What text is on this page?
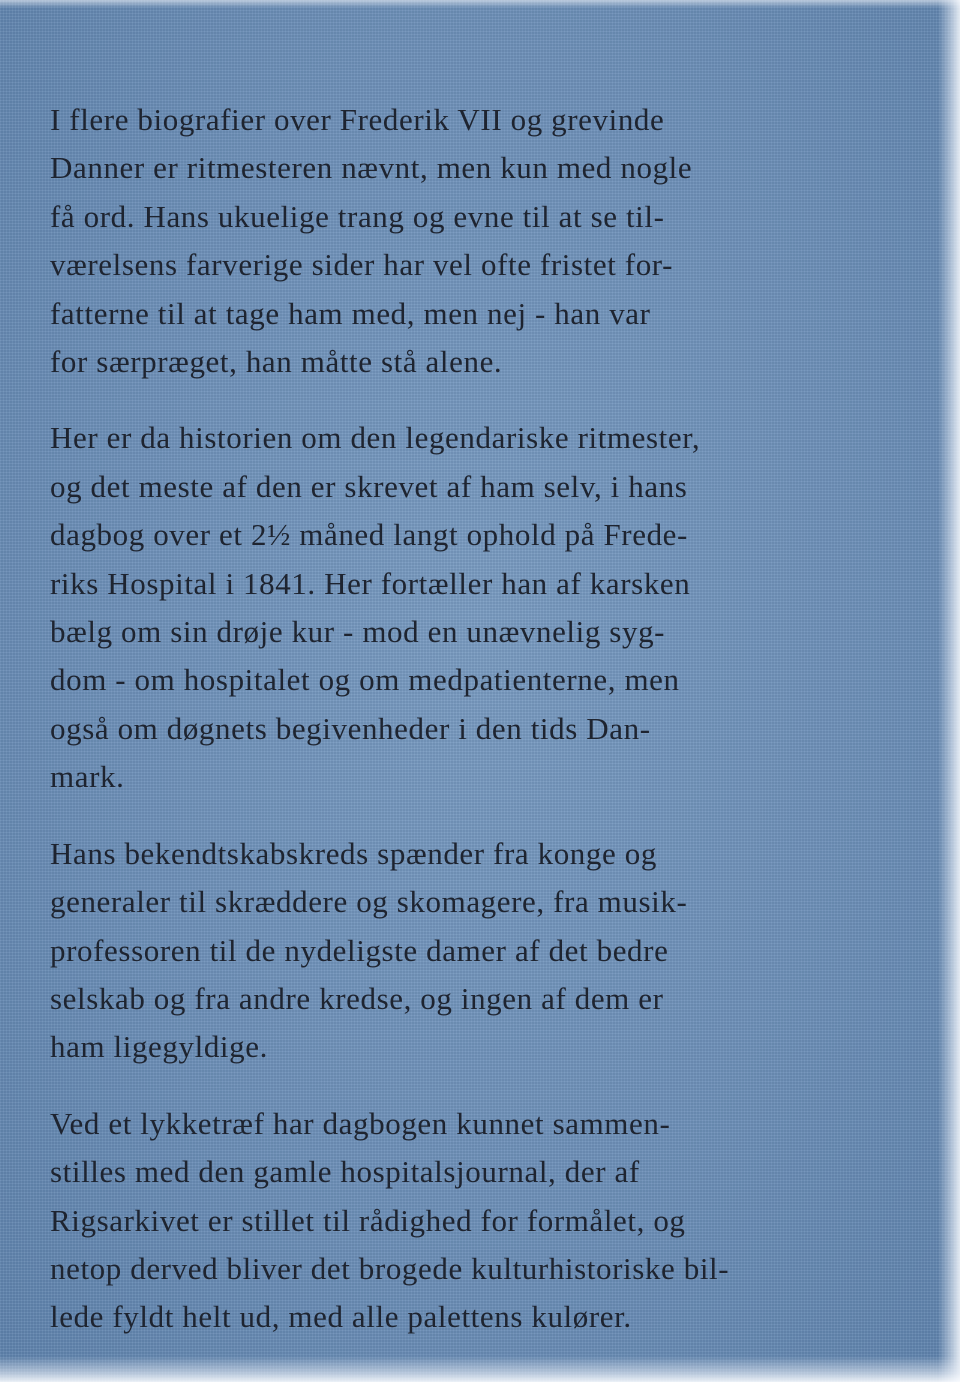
I flere biografier over Frederik VII og grevinde
Danner er ritmesteren nævnt, men kun med nogle
få ord. Hans ukuelige trang og evne til at se til-
værelsens farverige sider har vel ofte fristet for-
fatterne til at tage ham med, men nej - han var
for særpræget, han måtte stå alene.
Her er da historien om den legendariske ritmester,
og det meste af den er skrevet af ham selv, i hans
dagbog over et 2½ måned langt ophold på Frede-
riks Hospital i 1841. Her fortæller han af karsken
bælg om sin drøje kur - mod en unævnelig syg-
dom - om hospitalet og om medpatienterne, men
også om døgnets begivenheder i den tids Dan-
mark.
Hans bekendtskabskreds spænder fra konge og
generaler til skræddere og skomagere, fra musik-
professoren til de nydeligste damer af det bedre
selskab og fra andre kredse, og ingen af dem er
ham ligegyldige.
Ved et lykketræf har dagbogen kunnet sammen-
stilles med den gamle hospitalsjournal, der af
Rigsarkivet er stillet til rådighed for formålet, og
netop derved bliver det brogede kulturhistoriske bil-
lede fyldt helt ud, med alle palettens kulører.
